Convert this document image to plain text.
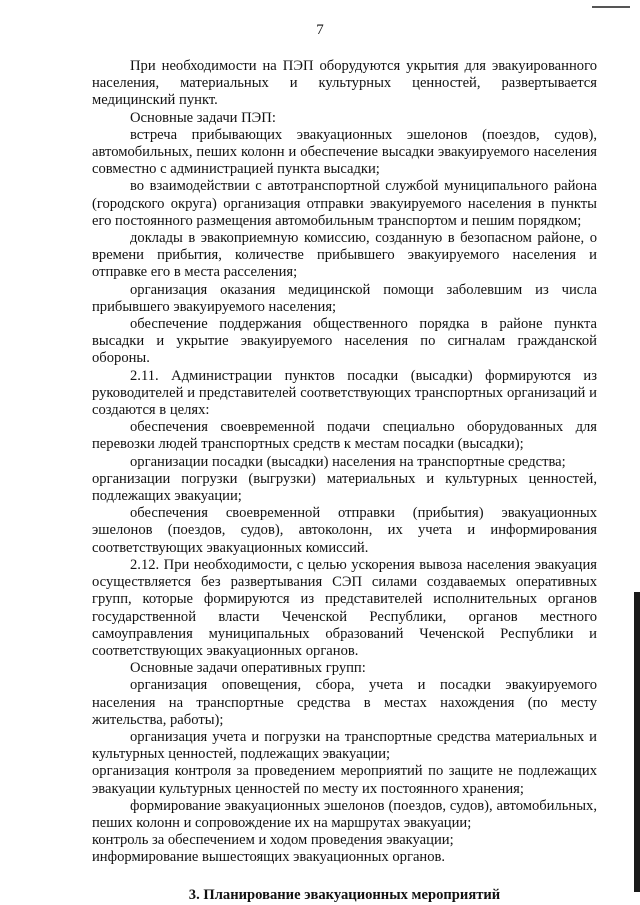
7

При необходимости на ПЭП оборудуются укрытия для эвакуированного населения, материальных и культурных ценностей, развертывается медицинский пункт.

Основные задачи ПЭП:

встреча прибывающих эвакуационных эшелонов (поездов, судов), автомобильных, пеших колонн и обеспечение высадки эвакуируемого населения совместно с администрацией пункта высадки;

во взаимодействии с автотранспортной службой муниципального района (городского округа) организация отправки эвакуируемого населения в пункты его постоянного размещения автомобильным транспортом и пешим порядком;

доклады в эвакоприемную комиссию, созданную в безопасном районе, о времени прибытия, количестве прибывшего эвакуируемого населения и отправке его в места расселения;

организация оказания медицинской помощи заболевшим из числа прибывшего эвакуируемого населения;

обеспечение поддержания общественного порядка в районе пункта высадки и укрытие эвакуируемого населения по сигналам гражданской обороны.

2.11. Администрации пунктов посадки (высадки) формируются из руководителей и представителей соответствующих транспортных организаций и создаются в целях:

обеспечения своевременной подачи специально оборудованных для перевозки людей транспортных средств к местам посадки (высадки);

организации посадки (высадки) населения на транспортные средства;

организации погрузки (выгрузки) материальных и культурных ценностей, подлежащих эвакуации;

обеспечения своевременной отправки (прибытия) эвакуационных эшелонов (поездов, судов), автоколонн, их учета и информирования соответствующих эвакуационных комиссий.

2.12. При необходимости, с целью ускорения вывоза населения эвакуация осуществляется без развертывания СЭП силами создаваемых оперативных групп, которые формируются из представителей исполнительных органов государственной власти Чеченской Республики, органов местного самоуправления муниципальных образований Чеченской Республики и соответствующих эвакуационных органов.

Основные задачи оперативных групп:

организация оповещения, сбора, учета и посадки эвакуируемого населения на транспортные средства в местах нахождения (по месту жительства, работы);

организация учета и погрузки на транспортные средства материальных и культурных ценностей, подлежащих эвакуации;

организация контроля за проведением мероприятий по защите не подлежащих эвакуации культурных ценностей по месту их постоянного хранения;

формирование эвакуационных эшелонов (поездов, судов), автомобильных, пеших колонн и сопровождение их на маршрутах эвакуации;

контроль за обеспечением и ходом проведения эвакуации;

информирование вышестоящих эвакуационных органов.

3. Планирование эвакуационных мероприятий
